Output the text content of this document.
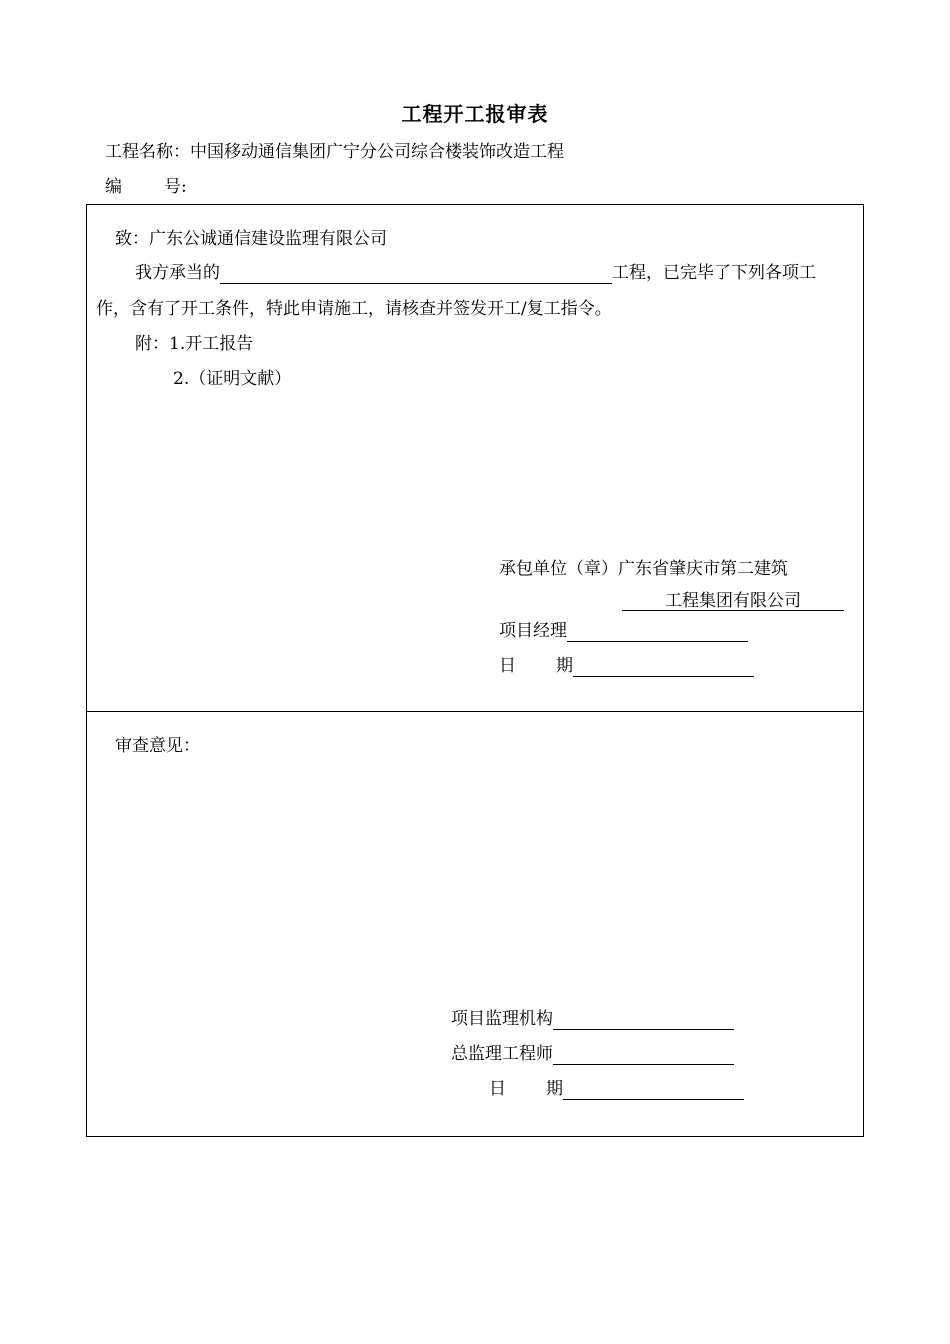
工程开工报审表
工程名称：中国移动通信集团广宁分公司综合楼装饰改造工程
编 号:
致：广东公诚通信建设监理有限公司
我方承当的	工程，已完毕了下列各项工
作，含有了开工条件，特此申请施工，请核查并签发开工/复工指令。
附：1.开工报告
2.（证明文献）
承包单位（章）广东省肇庆市第二建筑
工程集团有限公司
项目经理
日 期
审查意见：
项目监理机构
总监理工程师
日 期
